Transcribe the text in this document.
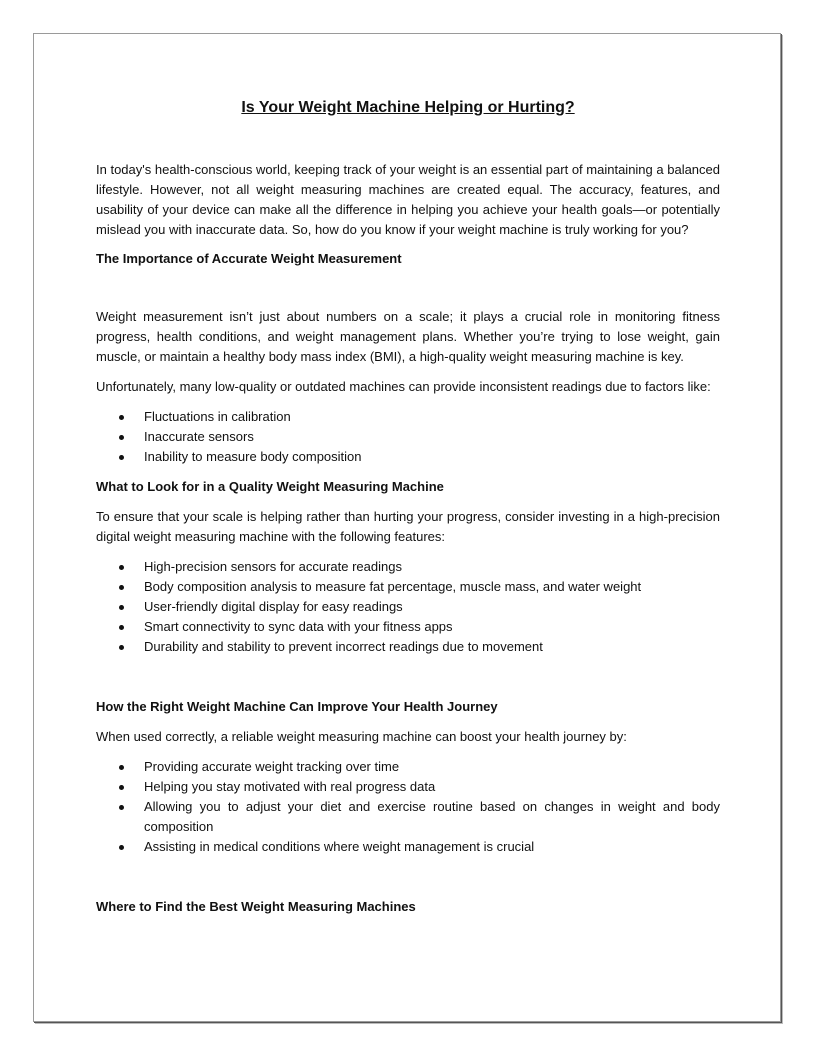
Is Your Weight Machine Helping or Hurting?

In today's health-conscious world, keeping track of your weight is an essential part of maintaining a balanced lifestyle. However, not all weight measuring machines are created equal. The accuracy, features, and usability of your device can make all the difference in helping you achieve your health goals—or potentially mislead you with inaccurate data. So, how do you know if your weight machine is truly working for you?

The Importance of Accurate Weight Measurement

Weight measurement isn’t just about numbers on a scale; it plays a crucial role in monitoring fitness progress, health conditions, and weight management plans. Whether you’re trying to lose weight, gain muscle, or maintain a healthy body mass index (BMI), a high-quality weight measuring machine is key.

Unfortunately, many low-quality or outdated machines can provide inconsistent readings due to factors like:

Fluctuations in calibration
Inaccurate sensors
Inability to measure body composition

What to Look for in a Quality Weight Measuring Machine

To ensure that your scale is helping rather than hurting your progress, consider investing in a high-precision digital weight measuring machine with the following features:

High-precision sensors for accurate readings
Body composition analysis to measure fat percentage, muscle mass, and water weight
User-friendly digital display for easy readings
Smart connectivity to sync data with your fitness apps
Durability and stability to prevent incorrect readings due to movement

How the Right Weight Machine Can Improve Your Health Journey

When used correctly, a reliable weight measuring machine can boost your health journey by:

Providing accurate weight tracking over time
Helping you stay motivated with real progress data
Allowing you to adjust your diet and exercise routine based on changes in weight and body composition
Assisting in medical conditions where weight management is crucial

Where to Find the Best Weight Measuring Machines
